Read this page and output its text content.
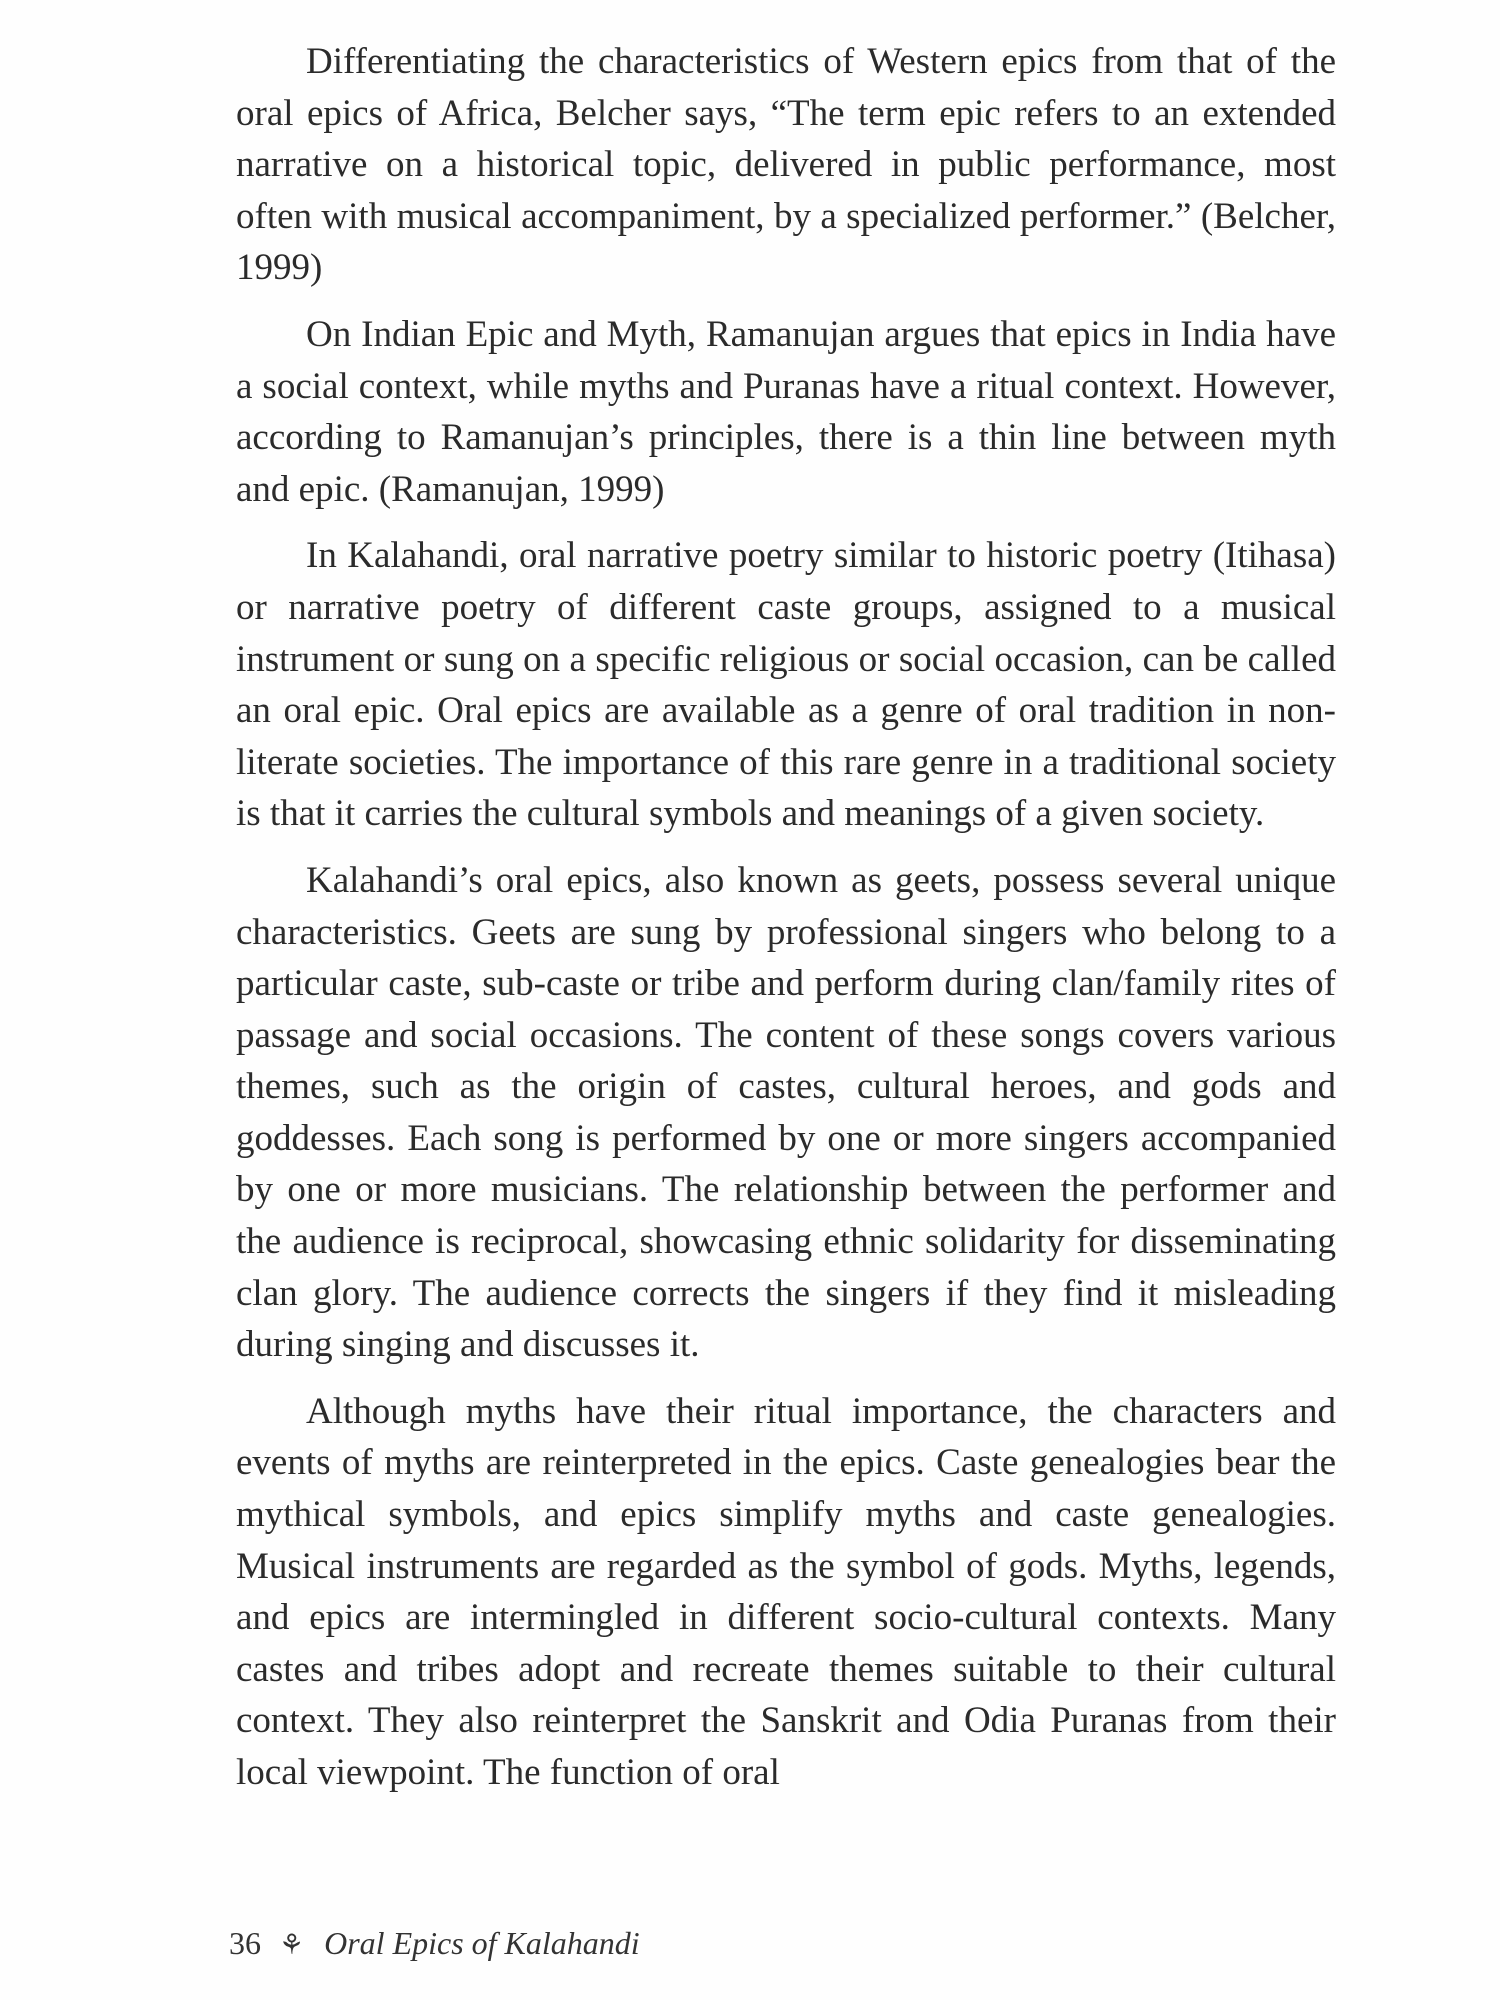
Differentiating the characteristics of Western epics from that of the oral epics of Africa, Belcher says, “The term epic refers to an extended narrative on a historical topic, delivered in public performance, most often with musical accompaniment, by a specialized performer.” (Belcher, 1999)

On Indian Epic and Myth, Ramanujan argues that epics in India have a social context, while myths and Puranas have a ritual context. However, according to Ramanujan’s principles, there is a thin line between myth and epic. (Ramanujan, 1999)

In Kalahandi, oral narrative poetry similar to historic poetry (Itihasa) or narrative poetry of different caste groups, assigned to a musical instrument or sung on a specific religious or social occasion, can be called an oral epic. Oral epics are available as a genre of oral tradition in non-literate societies. The importance of this rare genre in a traditional society is that it carries the cultural symbols and meanings of a given society.

Kalahandi’s oral epics, also known as geets, possess several unique characteristics. Geets are sung by professional singers who belong to a particular caste, sub-caste or tribe and perform during clan/family rites of passage and social occasions. The content of these songs covers various themes, such as the origin of castes, cultural heroes, and gods and goddesses. Each song is performed by one or more singers accompanied by one or more musicians. The relationship between the performer and the audience is reciprocal, showcasing ethnic solidarity for disseminating clan glory. The audience corrects the singers if they find it misleading during singing and discusses it.

Although myths have their ritual importance, the characters and events of myths are reinterpreted in the epics. Caste genealogies bear the mythical symbols, and epics simplify myths and caste genealogies. Musical instruments are regarded as the symbol of gods. Myths, legends, and epics are intermingled in different socio-cultural contexts. Many castes and tribes adopt and recreate themes suitable to their cultural context. They also reinterpret the Sanskrit and Odia Puranas from their local viewpoint. The function of oral

36 ⚘ Oral Epics of Kalahandi
